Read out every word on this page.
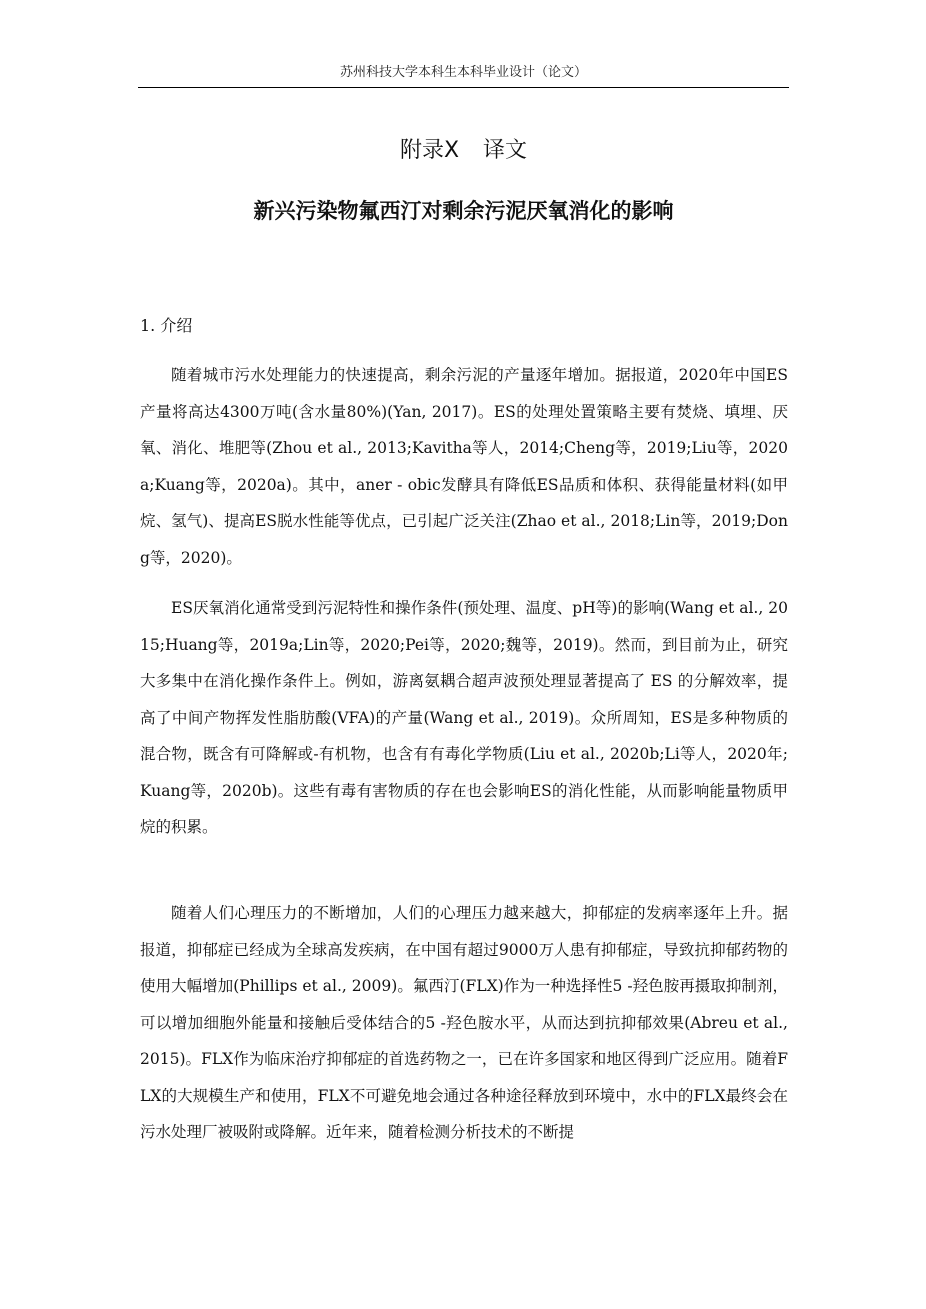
苏州科技大学本科生本科毕业设计（论文）
附录X 译文
新兴污染物氟西汀对剩余污泥厌氧消化的影响
1. 介绍

随着城市污水处理能力的快速提高，剩余污泥的产量逐年增加。据报道，2020年中国ES产量将高达4300万吨(含水量80%)(Yan, 2017)。ES的处理处置策略主要有焚烧、填埋、厌氧、消化、堆肥等(Zhou et al., 2013;Kavitha等人，2014;Cheng等，2019;Liu等，2020a;Kuang等，2020a)。其中，aner - obic发酵具有降低ES品质和体积、获得能量材料(如甲烷、氢气)、提高ES脱水性能等优点，已引起广泛关注(Zhao et al., 2018;Lin等，2019;Dong等，2020)。

ES厌氧消化通常受到污泥特性和操作条件(预处理、温度、pH等)的影响(Wang et al., 2015;Huang等，2019a;Lin等，2020;Pei等，2020;魏等，2019)。然而，到目前为止，研究大多集中在消化操作条件上。例如，游离氨耦合超声波预处理显著提高了 ES 的分解效率，提高了中间产物挥发性脂肪酸(VFA)的产量(Wang et al., 2019)。众所周知，ES是多种物质的混合物，既含有可降解或-有机物，也含有有毒化学物质(Liu et al., 2020b;Li等人，2020年;Kuang等，2020b)。这些有毒有害物质的存在也会影响ES的消化性能，从而影响能量物质甲烷的积累。

随着人们心理压力的不断增加，人们的心理压力越来越大，抑郁症的发病率逐年上升。据报道，抑郁症已经成为全球高发疾病，在中国有超过9000万人患有抑郁症，导致抗抑郁药物的使用大幅增加(Phillips et al., 2009)。氟西汀(FLX)作为一种选择性5 -羟色胺再摄取抑制剂，可以增加细胞外能量和接触后受体结合的5 -羟色胺水平，从而达到抗抑郁效果(Abreu et al., 2015)。FLX作为临床治疗抑郁症的首选药物之一，已在许多国家和地区得到广泛应用。随着FLX的大规模生产和使用，FLX不可避免地会通过各种途径释放到环境中，水中的FLX最终会在污水处理厂被吸附或降解。近年来，随着检测分析技术的不断提
